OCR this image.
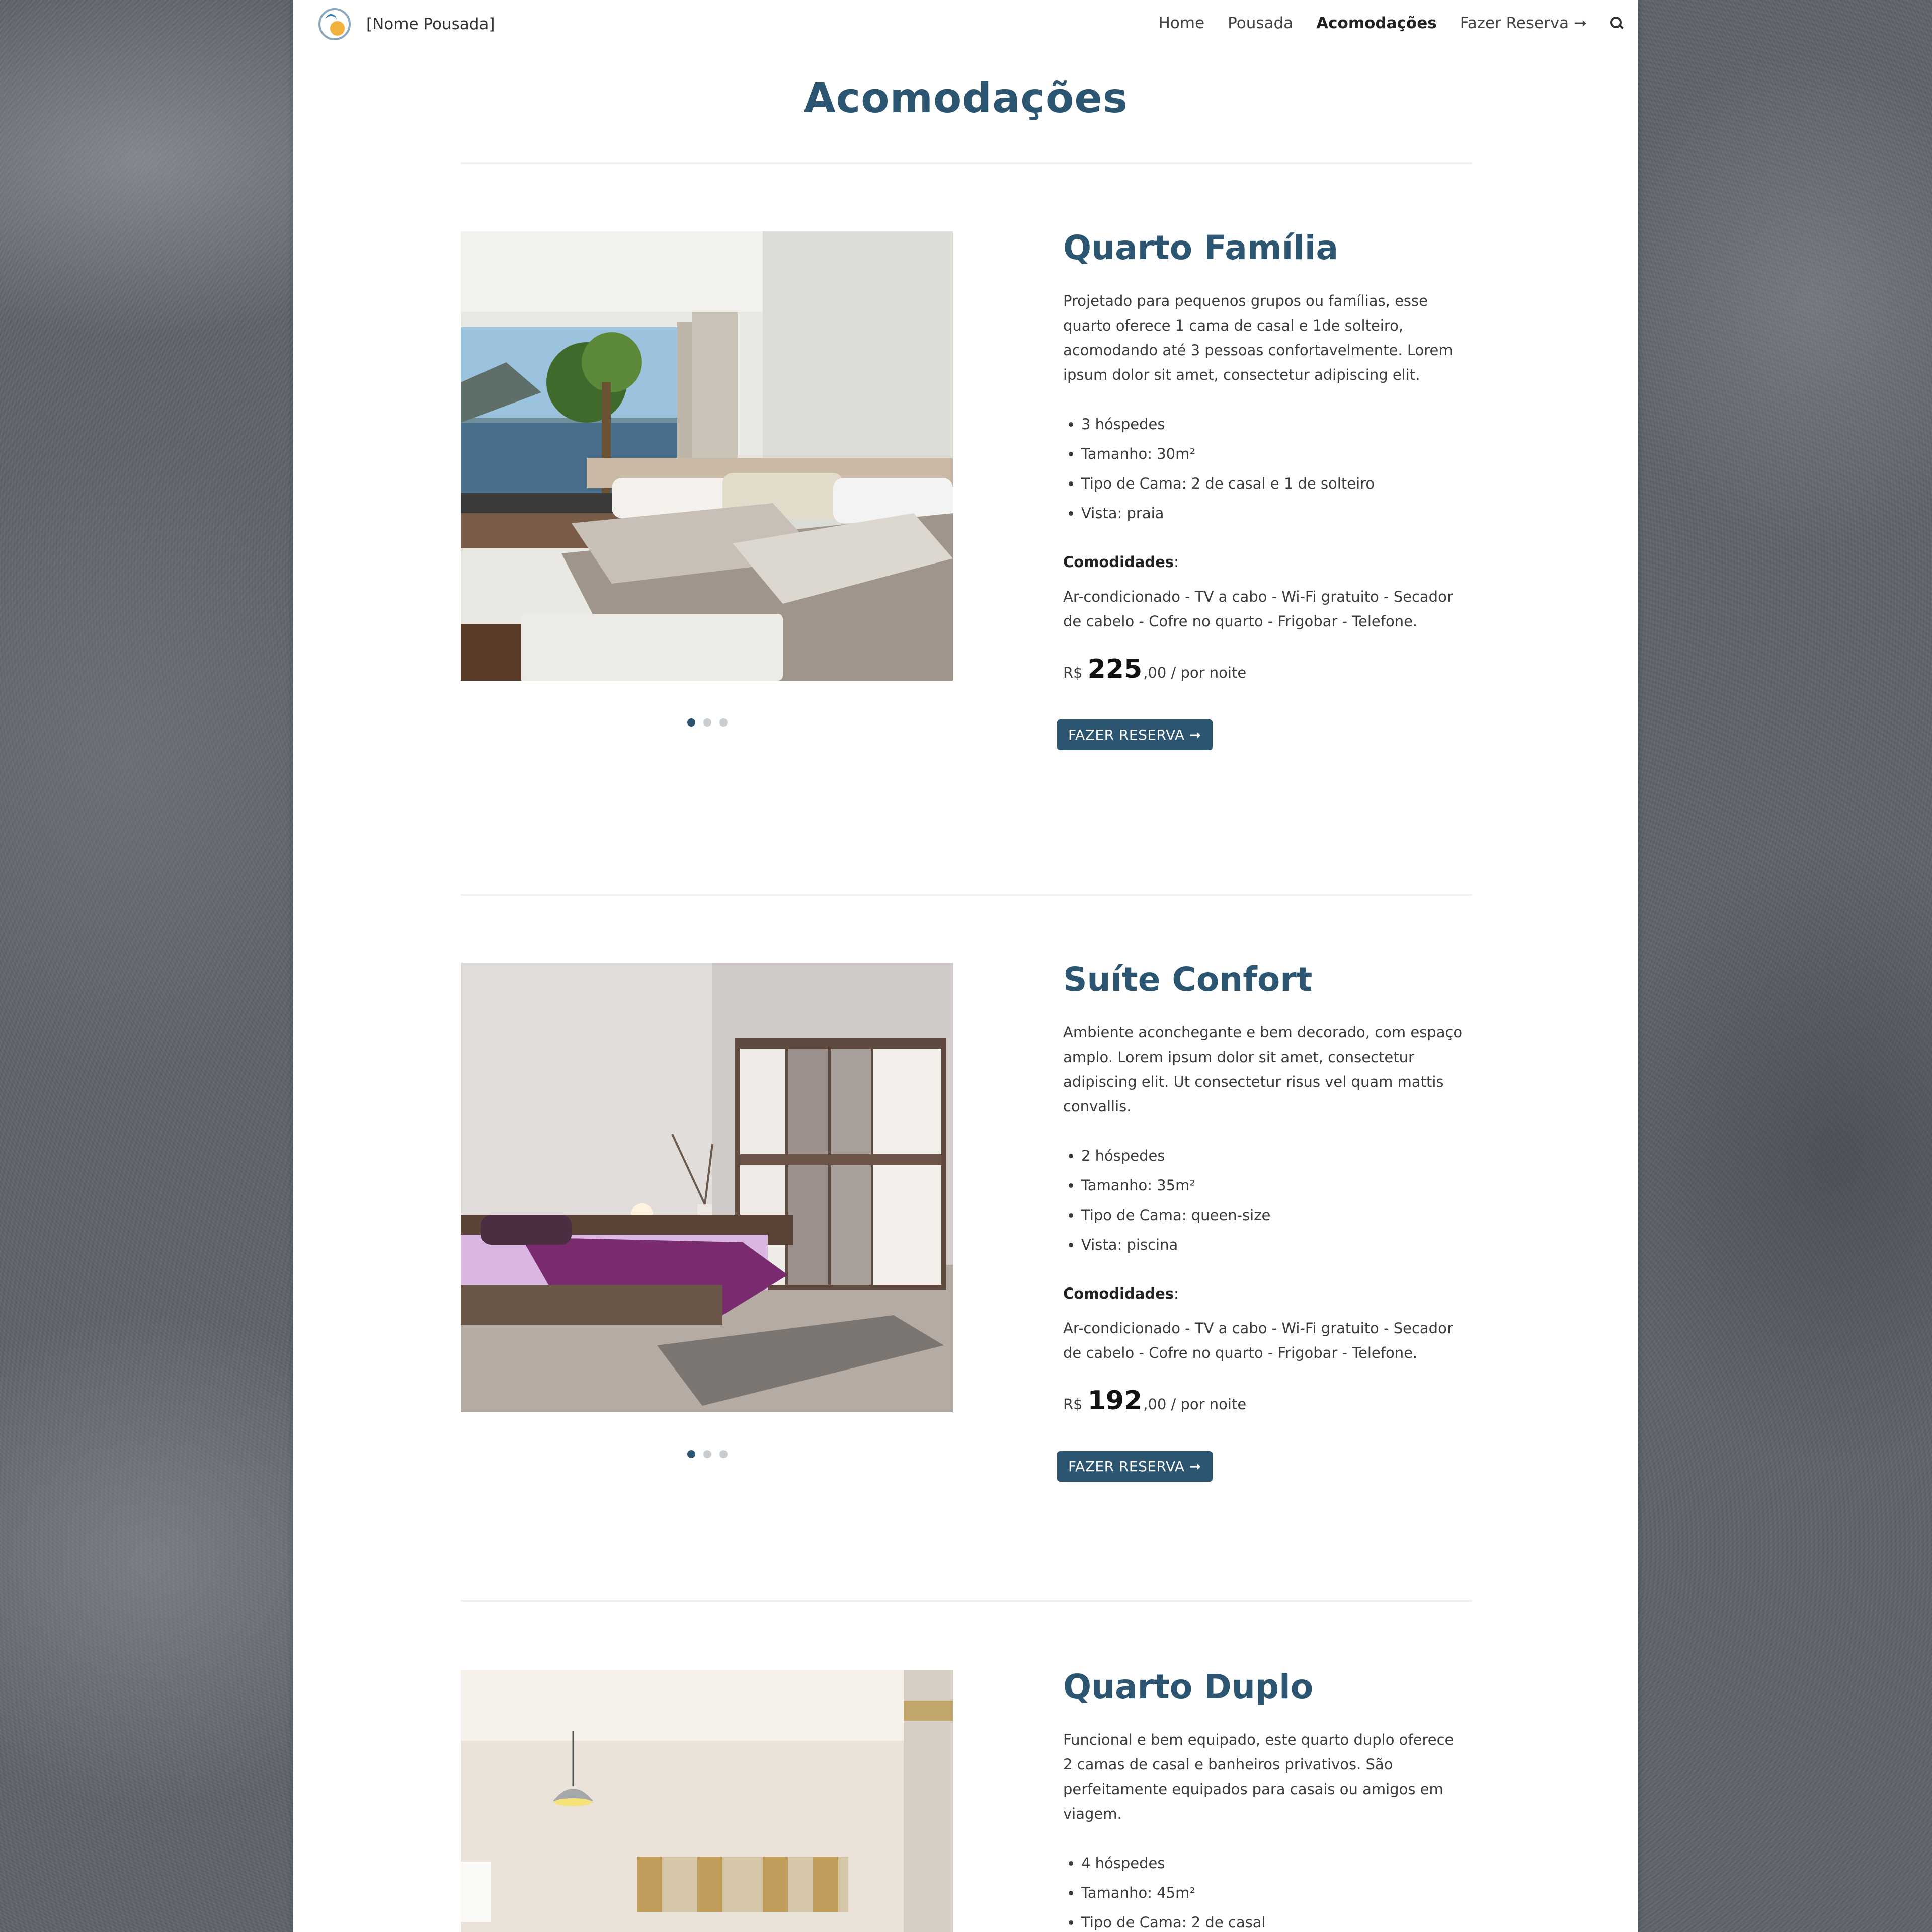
[Nome Pousada]	Home Pousada Acomodações Fazer Reserva ➞
Acomodações
Quarto Família
Projetado para pequenos grupos ou famílias, esse quarto oferece 1 cama de casal e 1de solteiro, acomodando até 3 pessoas confortavelmente. Lorem ipsum dolor sit amet, consectetur adipiscing elit.
• 3 hóspedes
• Tamanho: 30m²
• Tipo de Cama: 2 de casal e 1 de solteiro
• Vista: praia
Comodidades:
Ar-condicionado - TV a cabo - Wi-Fi gratuito - Secador de cabelo - Cofre no quarto - Frigobar - Telefone.
R$ 225 ,00 / por noite
FAZER RESERVA ➞
Suíte Confort
Ambiente aconchegante e bem decorado, com espaço amplo. Lorem ipsum dolor sit amet, consectetur adipiscing elit. Ut consectetur risus vel quam mattis convallis.
• 2 hóspedes
• Tamanho: 35m²
• Tipo de Cama: queen-size
• Vista: piscina
Comodidades:
Ar-condicionado - TV a cabo - Wi-Fi gratuito - Secador de cabelo - Cofre no quarto - Frigobar - Telefone.
R$ 192 ,00 / por noite
FAZER RESERVA ➞
Quarto Duplo
Funcional e bem equipado, este quarto duplo oferece 2 camas de casal e banheiros privativos. São perfeitamente equipados para casais ou amigos em viagem.
• 4 hóspedes
• Tamanho: 45m²
• Tipo de Cama: 2 de casal
